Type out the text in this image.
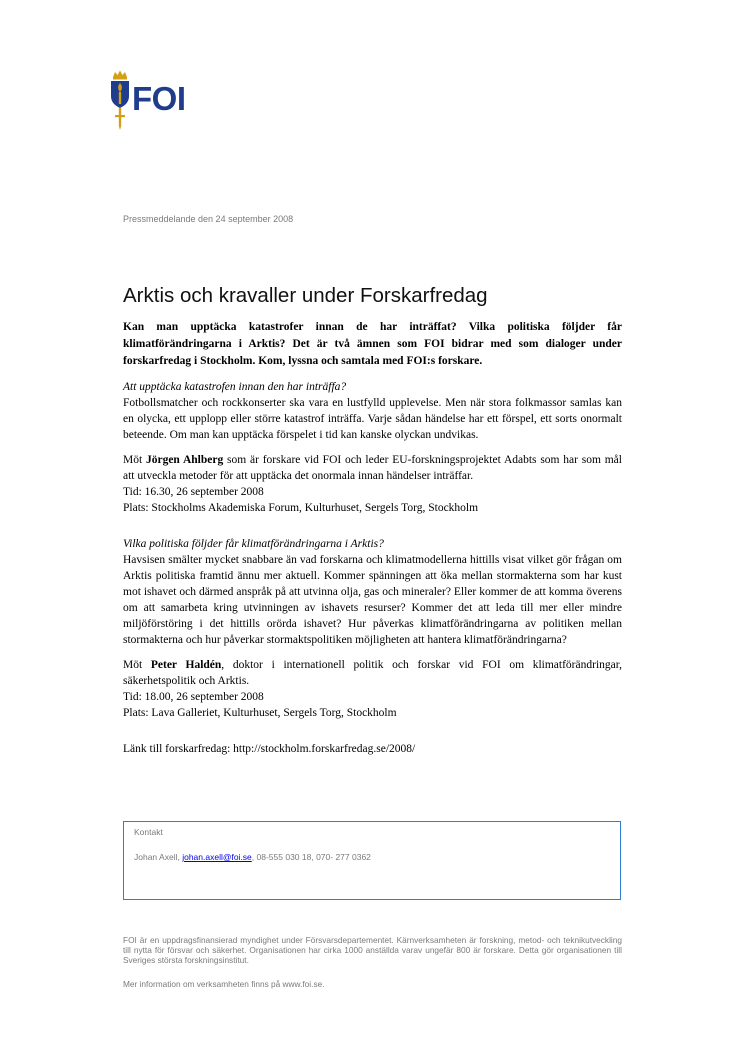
FOI
Pressmeddelande den 24 september 2008
Arktis och kravaller under Forskarfredag

Kan man upptäcka katastrofer innan de har inträffat? Vilka politiska följder får klimatförändringarna i Arktis? Det är två ämnen som FOI bidrar med som dialoger under forskarfredag i Stockholm. Kom, lyssna och samtala med FOI:s forskare.

Att upptäcka katastrofen innan den har inträffa?

Fotbollsmatcher och rockkonserter ska vara en lustfylld upplevelse. Men när stora folkmassor samlas kan en olycka, ett upplopp eller större katastrof inträffa. Varje sådan händelse har ett förspel, ett sorts onormalt beteende. Om man kan upptäcka förspelet i tid kan kanske olyckan undvikas.

Möt Jörgen Ahlberg som är forskare vid FOI och leder EU-forskningsprojektet Adabts som har som mål att utveckla metoder för att upptäcka det onormala innan händelser inträffar.

Tid: 16.30, 26 september 2008

Plats: Stockholms Akademiska Forum, Kulturhuset, Sergels Torg, Stockholm

Vilka politiska följder får klimatförändringarna i Arktis?

Havsisen smälter mycket snabbare än vad forskarna och klimatmodellerna hittills visat vilket gör frågan om Arktis politiska framtid ännu mer aktuell. Kommer spänningen att öka mellan stormakterna som har kust mot ishavet och därmed anspråk på att utvinna olja, gas och mineraler? Eller kommer de att komma överens om att samarbeta kring utvinningen av ishavets resurser? Kommer det att leda till mer eller mindre miljöförstöring i det hittills orörda ishavet? Hur påverkas klimatförändringarna av politiken mellan stormakterna och hur påverkar stormaktspolitiken möjligheten att hantera klimatförändringarna?

Möt Peter Haldén, doktor i internationell politik och forskar vid FOI om klimatförändringar, säkerhetspolitik och Arktis.

Tid: 18.00, 26 september 2008

Plats: Lava Galleriet, Kulturhuset, Sergels Torg, Stockholm

Länk till forskarfredag: http://stockholm.forskarfredag.se/2008/

Kontakt
Johan Axell, johan.axell@foi.se, 08-555 030 18, 070- 277 0362

FOI är en uppdragsfinansierad myndighet under Försvarsdepartementet. Kärnverksamheten är forskning, metod- och teknikutveckling till nytta för försvar och säkerhet. Organisationen har cirka 1000 anställda varav ungefär 800 är forskare. Detta gör organisationen till Sveriges största forskningsinstitut.

Mer information om verksamheten finns på www.foi.se.
